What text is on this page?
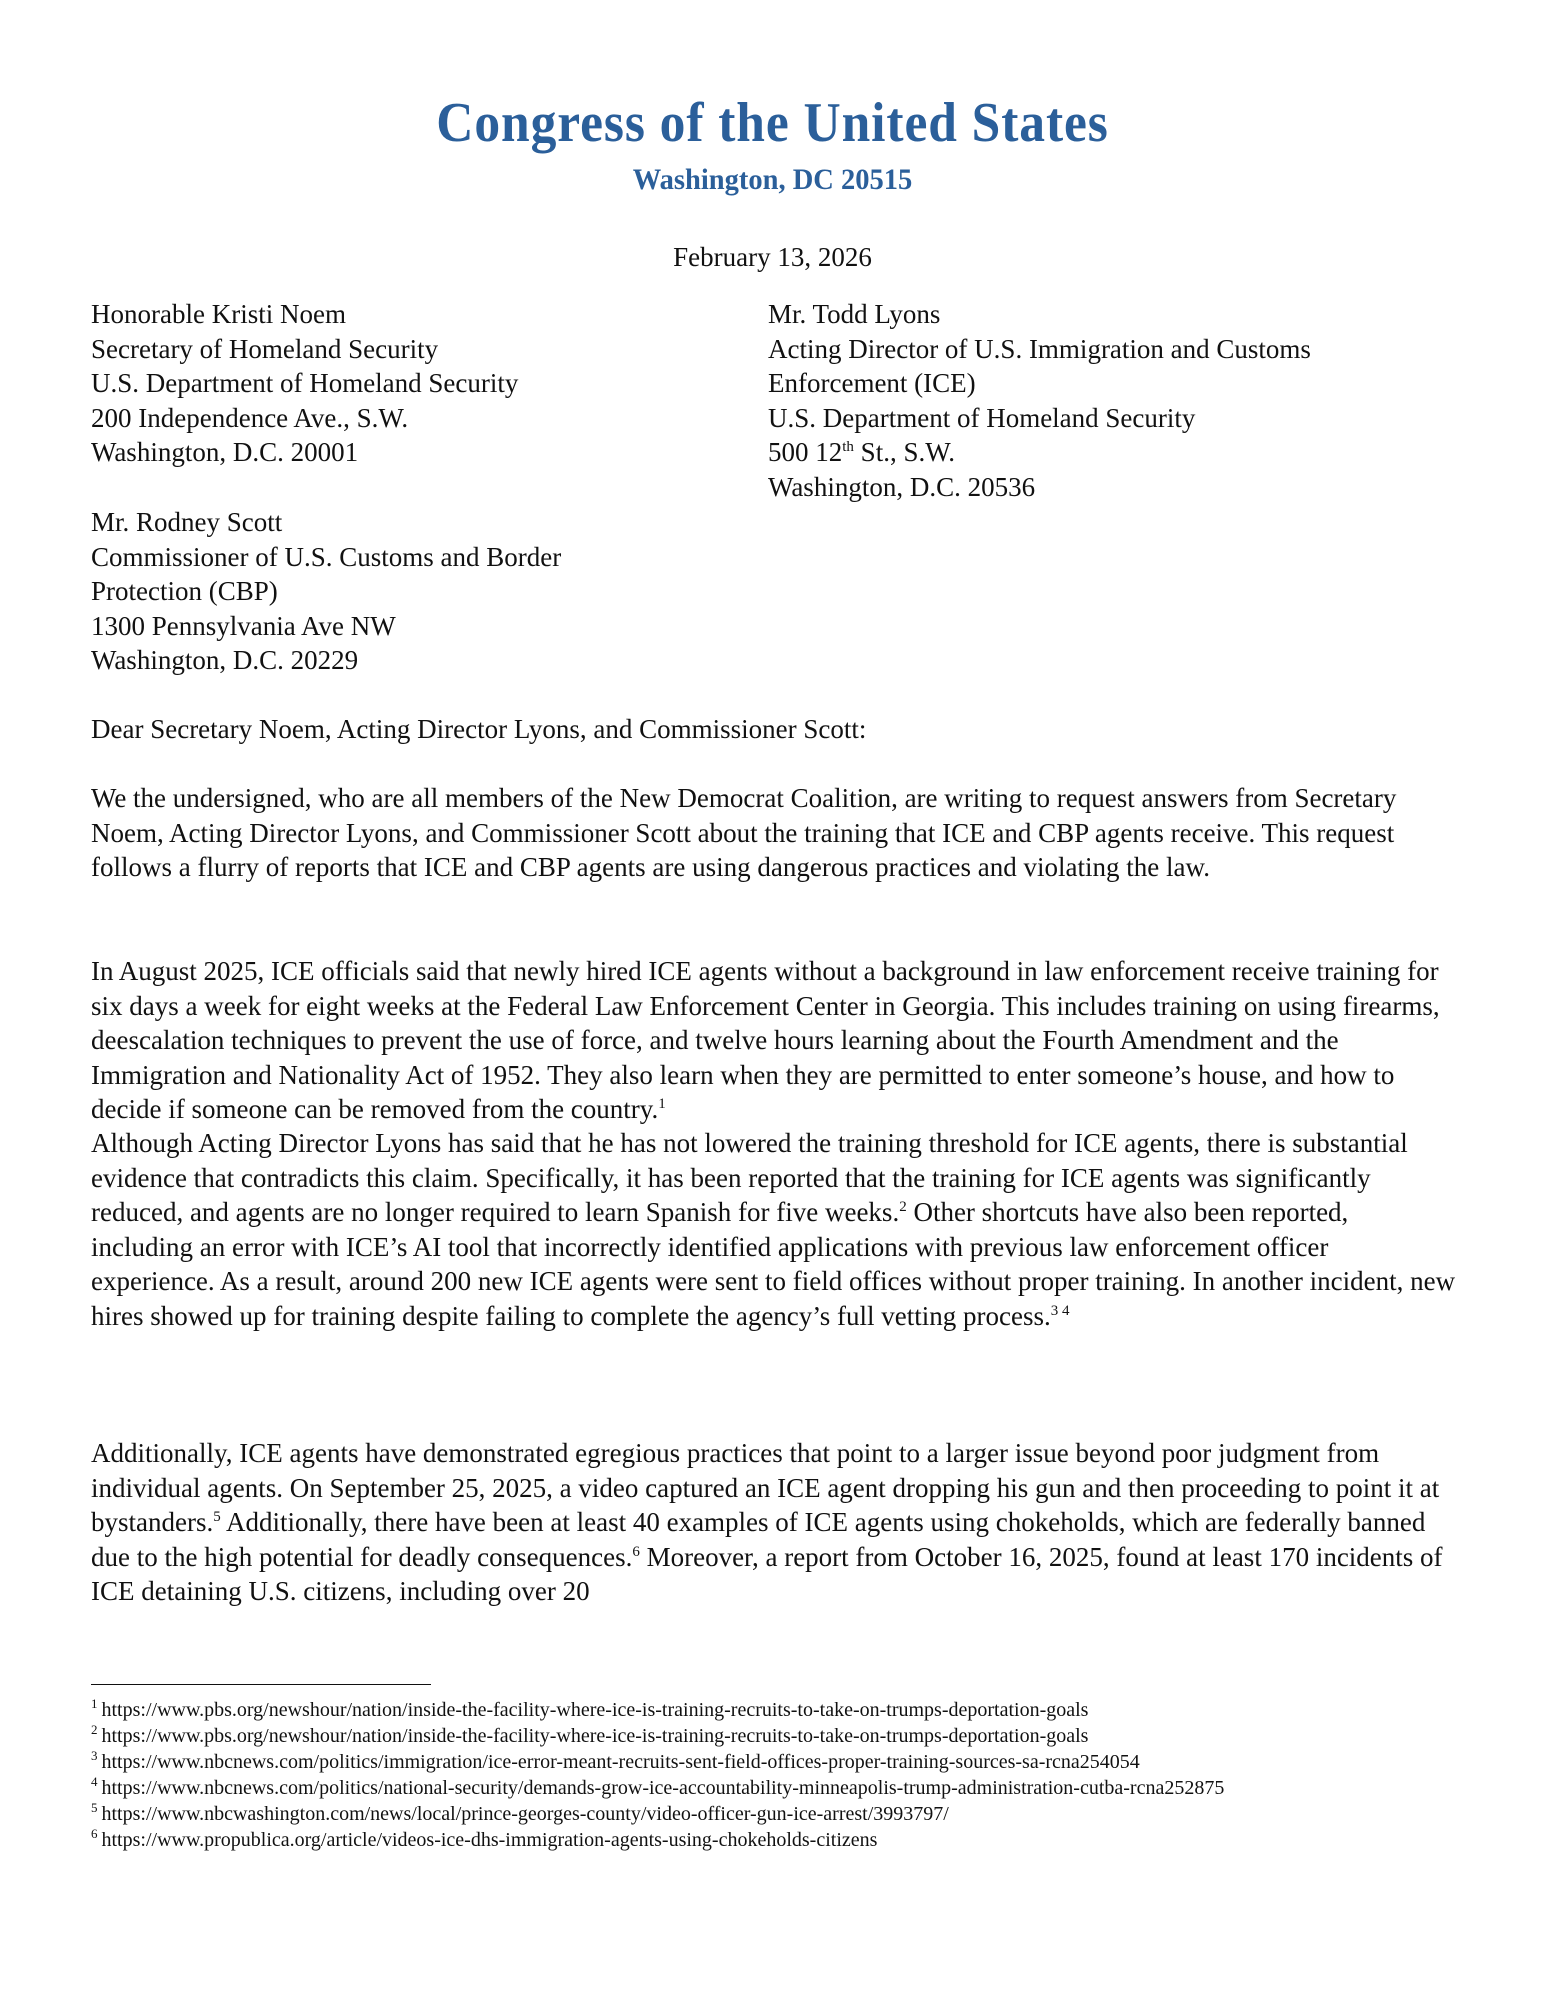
Congress of the United States
Washington, DC 20515
February 13, 2026
Honorable Kristi Noem
Secretary of Homeland Security
U.S. Department of Homeland Security
200 Independence Ave., S.W.
Washington, D.C. 20001
Mr. Todd Lyons
Acting Director of U.S. Immigration and Customs
Enforcement (ICE)
U.S. Department of Homeland Security
500 12th St., S.W.
Washington, D.C. 20536
Mr. Rodney Scott
Commissioner of U.S. Customs and Border
Protection (CBP)
1300 Pennsylvania Ave NW
Washington, D.C. 20229
Dear Secretary Noem, Acting Director Lyons, and Commissioner Scott:
We the undersigned, who are all members of the New Democrat Coalition, are writing to request answers from Secretary Noem, Acting Director Lyons, and Commissioner Scott about the training that ICE and CBP agents receive. This request follows a flurry of reports that ICE and CBP agents are using dangerous practices and violating the law.
In August 2025, ICE officials said that newly hired ICE agents without a background in law enforcement receive training for six days a week for eight weeks at the Federal Law Enforcement Center in Georgia. This includes training on using firearms, deescalation techniques to prevent the use of force, and twelve hours learning about the Fourth Amendment and the Immigration and Nationality Act of 1952. They also learn when they are permitted to enter someone’s house, and how to decide if someone can be removed from the country.$^1$
Although Acting Director Lyons has said that he has not lowered the training threshold for ICE agents, there is substantial evidence that contradicts this claim. Specifically, it has been reported that the training for ICE agents was significantly reduced, and agents are no longer required to learn Spanish for five weeks.$^2$ Other shortcuts have also been reported, including an error with ICE’s AI tool that incorrectly identified applications with previous law enforcement officer experience. As a result, around 200 new ICE agents were sent to field offices without proper training. In another incident, new hires showed up for training despite failing to complete the agency’s full vetting process.$^{3 4}$
Additionally, ICE agents have demonstrated egregious practices that point to a larger issue beyond poor judgment from individual agents. On September 25, 2025, a video captured an ICE agent dropping his gun and then proceeding to point it at bystanders.$^5$ Additionally, there have been at least 40 examples of ICE agents using chokeholds, which are federally banned due to the high potential for deadly consequences.$^6$ Moreover, a report from October 16, 2025, found at least 170 incidents of ICE detaining U.S. citizens, including over 20
$^1$ https://www.pbs.org/newshour/nation/inside-the-facility-where-ice-is-training-recruits-to-take-on-trumps-deportation-goals
$^2$ https://www.pbs.org/newshour/nation/inside-the-facility-where-ice-is-training-recruits-to-take-on-trumps-deportation-goals
$^3$ https://www.nbcnews.com/politics/immigration/ice-error-meant-recruits-sent-field-offices-proper-training-sources-sa-rcna254054
$^4$ https://www.nbcnews.com/politics/national-security/demands-grow-ice-accountability-minneapolis-trump-administration-cutba-rcna252875
$^5$ https://www.nbcwashington.com/news/local/prince-georges-county/video-officer-gun-ice-arrest/3993797/
$^6$ https://www.propublica.org/article/videos-ice-dhs-immigration-agents-using-chokeholds-citizens
